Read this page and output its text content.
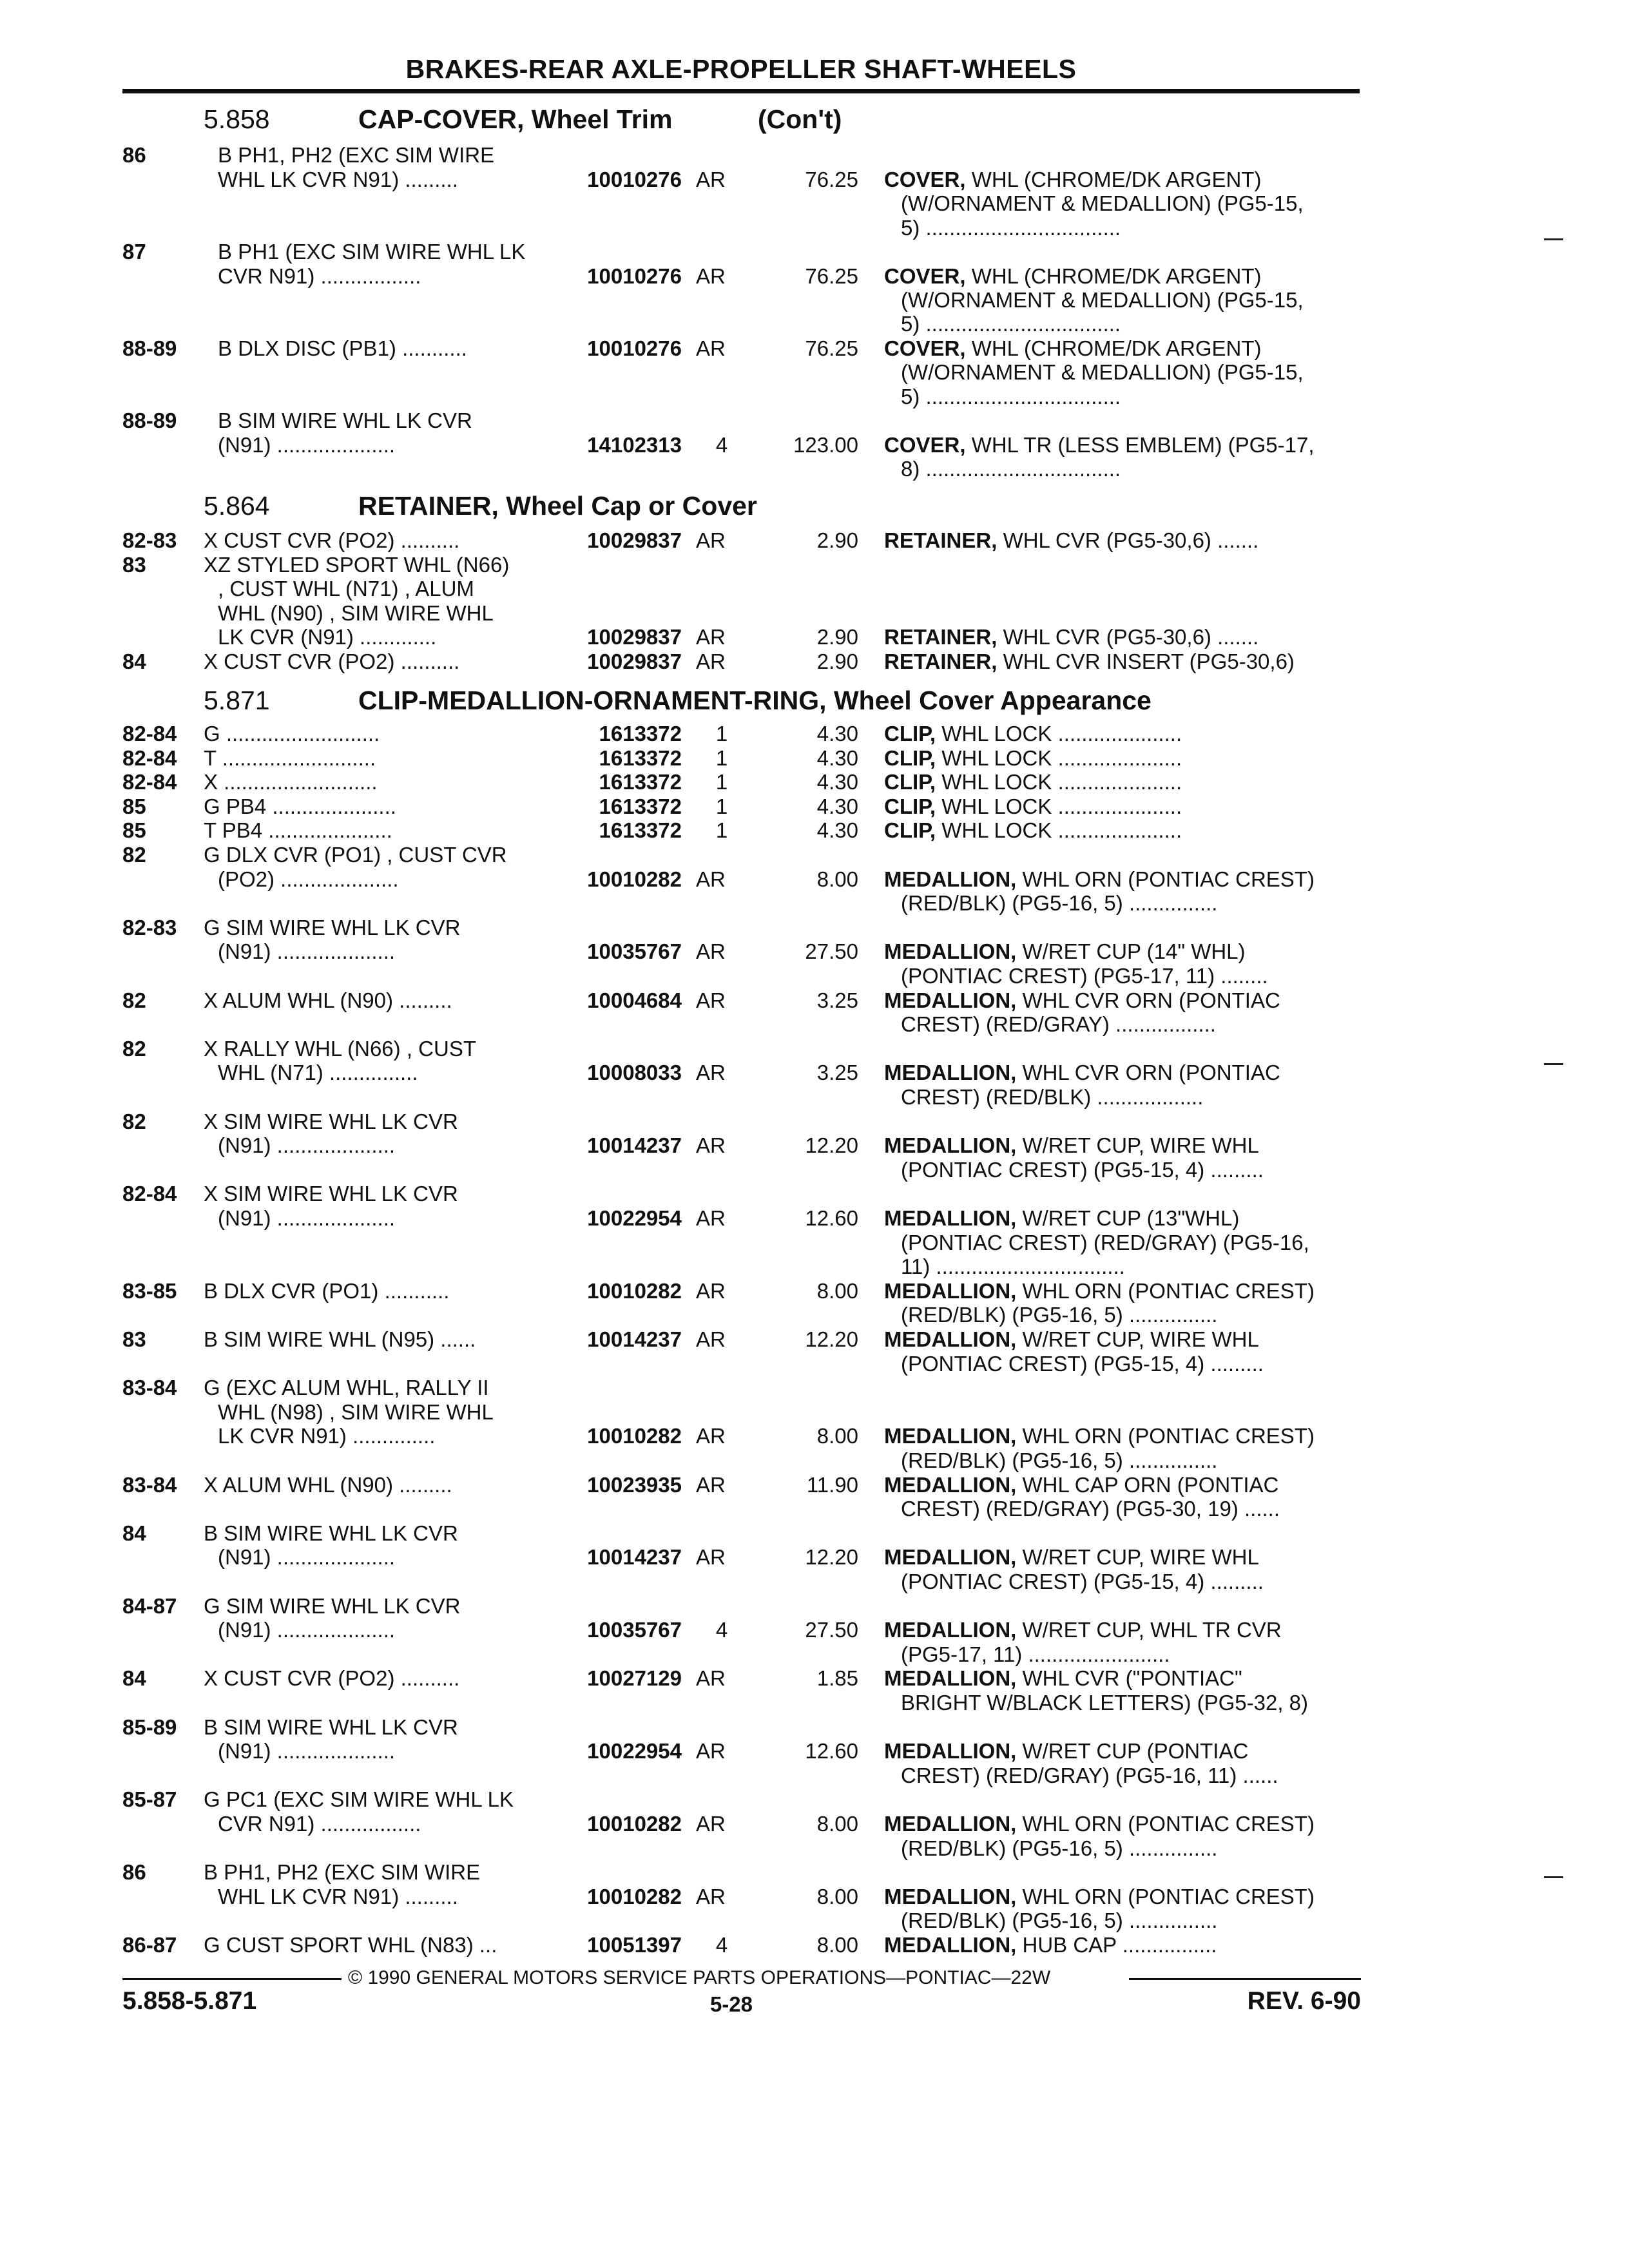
BRAKES-REAR AXLE-PROPELLER SHAFT-WHEELS
5.858	CAP-COVER, Wheel Trim	(Con't)
5.864	RETAINER, Wheel Cap or Cover
5.871	CLIP-MEDALLION-ORNAMENT-RING, Wheel Cover Appearance
86	B PH1, PH2 (EXC SIM WIRE
WHL LK CVR N91) .........	10010276 AR	76.25 COVER, WHL (CHROME/DK ARGENT)
(W/ORNAMENT & MEDALLION) (PG5-15,
5) .................................
87	B PH1 (EXC SIM WIRE WHL LK
CVR N91) .................	10010276 AR	76.25 COVER, WHL (CHROME/DK ARGENT)
(W/ORNAMENT & MEDALLION) (PG5-15,
5) .................................
88-89 B DLX DISC (PB1) ...........	10010276 AR	76.25 COVER, WHL (CHROME/DK ARGENT)
(W/ORNAMENT & MEDALLION) (PG5-15,
5) .................................
88-89 B SIM WIRE WHL LK CVR
(N91) ....................	14102313	4	123.00 COVER, WHL TR (LESS EMBLEM) (PG5-17,
8) .................................
82-83 X CUST CVR (PO2) ..........	10029837 AR	2.90 RETAINER, WHL CVR (PG5-30,6) .......
83	XZ STYLED SPORT WHL (N66)
, CUST WHL (N71) , ALUM
WHL (N90) , SIM WIRE WHL
LK CVR (N91) .............	10029837 AR	2.90 RETAINER, WHL CVR (PG5-30,6) .......
84	X CUST CVR (PO2) ..........	10029837 AR	2.90 RETAINER, WHL CVR INSERT (PG5-30,6)
82-84 G ..........................	1613372	1	4.30 CLIP, WHL LOCK .....................
82-84 T ..........................	1613372	1	4.30 CLIP, WHL LOCK .....................
82-84 X ..........................	1613372	1	4.30 CLIP, WHL LOCK .....................
85	G PB4 .....................	1613372	1	4.30 CLIP, WHL LOCK .....................
85	T PB4 .....................	1613372	1	4.30 CLIP, WHL LOCK .....................
82	G DLX CVR (PO1) , CUST CVR
(PO2) ....................	10010282 AR	8.00 MEDALLION, WHL ORN (PONTIAC CREST)
(RED/BLK) (PG5-16, 5) ...............
82-83 G SIM WIRE WHL LK CVR
(N91) ....................	10035767 AR	27.50 MEDALLION, W/RET CUP (14" WHL)
(PONTIAC CREST) (PG5-17, 11) ........
82	X ALUM WHL (N90) .........	10004684 AR	3.25 MEDALLION, WHL CVR ORN (PONTIAC
CREST) (RED/GRAY) .................
82	X RALLY WHL (N66) , CUST
WHL (N71) ...............	10008033 AR	3.25 MEDALLION, WHL CVR ORN (PONTIAC
CREST) (RED/BLK) ..................
82	X SIM WIRE WHL LK CVR
(N91) ....................	10014237 AR	12.20 MEDALLION, W/RET CUP, WIRE WHL
(PONTIAC CREST) (PG5-15, 4) .........
82-84 X SIM WIRE WHL LK CVR
(N91) ....................	10022954 AR	12.60 MEDALLION, W/RET CUP (13"WHL)
(PONTIAC CREST) (RED/GRAY) (PG5-16,
11) ................................
83-85 B DLX CVR (PO1) ...........	10010282 AR	8.00 MEDALLION, WHL ORN (PONTIAC CREST)
(RED/BLK) (PG5-16, 5) ...............
83	B SIM WIRE WHL (N95) ......	10014237 AR	12.20 MEDALLION, W/RET CUP, WIRE WHL
(PONTIAC CREST) (PG5-15, 4) .........
83-84 G (EXC ALUM WHL, RALLY II
WHL (N98) , SIM WIRE WHL
LK CVR N91) ..............	10010282 AR	8.00 MEDALLION, WHL ORN (PONTIAC CREST)
(RED/BLK) (PG5-16, 5) ...............
83-84 X ALUM WHL (N90) .........	10023935 AR	11.90 MEDALLION, WHL CAP ORN (PONTIAC
CREST) (RED/GRAY) (PG5-30, 19) ......
84	B SIM WIRE WHL LK CVR
(N91) ....................	10014237 AR	12.20 MEDALLION, W/RET CUP, WIRE WHL
(PONTIAC CREST) (PG5-15, 4) .........
84-87 G SIM WIRE WHL LK CVR
(N91) ....................	10035767	4	27.50 MEDALLION, W/RET CUP, WHL TR CVR
(PG5-17, 11) ........................
84	X CUST CVR (PO2) ..........	10027129 AR	1.85 MEDALLION, WHL CVR ("PONTIAC"
BRIGHT W/BLACK LETTERS) (PG5-32, 8)
85-89 B SIM WIRE WHL LK CVR
(N91) ....................	10022954 AR	12.60 MEDALLION, W/RET CUP (PONTIAC
CREST) (RED/GRAY) (PG5-16, 11) ......
85-87 G PC1 (EXC SIM WIRE WHL LK
CVR N91) .................	10010282 AR	8.00 MEDALLION, WHL ORN (PONTIAC CREST)
(RED/BLK) (PG5-16, 5) ...............
86	B PH1, PH2 (EXC SIM WIRE
WHL LK CVR N91) .........	10010282 AR	8.00 MEDALLION, WHL ORN (PONTIAC CREST)
(RED/BLK) (PG5-16, 5) ...............
86-87 G CUST SPORT WHL (N83) ...	10051397	4	8.00 MEDALLION, HUB CAP ................
© 1990 GENERAL MOTORS SERVICE PARTS OPERATIONS—PONTIAC—22W
5.858-5.871	5-28	REV. 6-90
